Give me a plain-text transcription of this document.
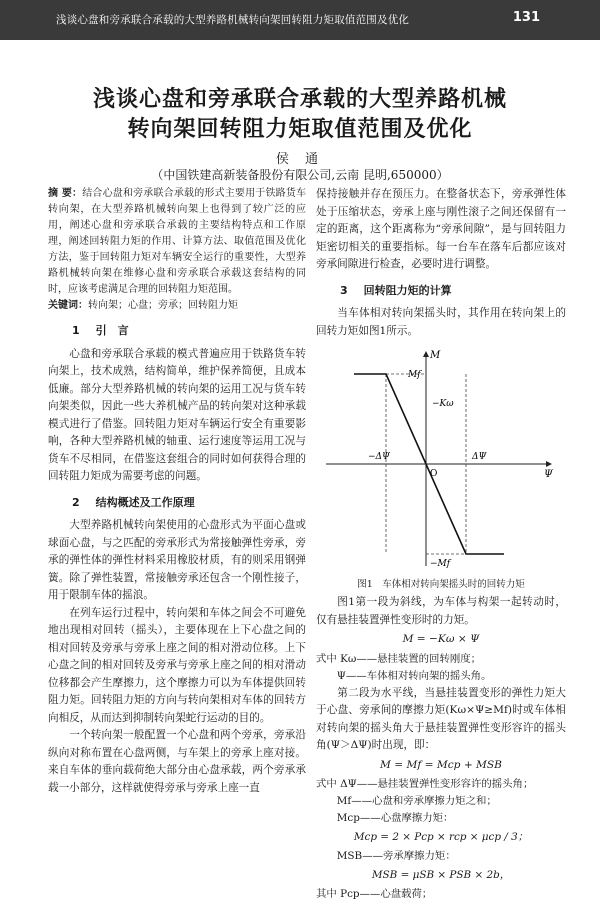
浅谈心盘和旁承联合承载的大型养路机械转向架回转阻力矩取值范围及优化	131
浅谈心盘和旁承联合承载的大型养路机械
转向架回转阻力矩取值范围及优化
侯 通
（中国铁建高新装备股份有限公司,云南 昆明,650000）
摘 要：结合心盘和旁承联合承载的形式主要用于铁路货车转向架，在大型养路机械转向架上也得到了较广泛的应用，阐述心盘和旁承联合承载的主要结构特点和工作原理，阐述回转阻力矩的作用、计算方法、取值范围及优化方法，鉴于回转阻力矩对车辆安全运行的重要性，大型养路机械转向架在维修心盘和旁承联合承载这套结构的同时，应该考虑满足合理的回转阻力矩范围。
关键词：转向架；心盘；旁承；回转阻力矩
1 引　言

心盘和旁承联合承载的模式普遍应用于铁路货车转向架上，技术成熟，结构简单，维护保养简便，且成本低廉。部分大型养路机械的转向架的运用工况与货车转向架类似，因此一些大养机械产品的转向架对这种承载模式进行了借鉴。回转阻力矩对车辆运行安全有重要影响，各种大型养路机械的轴重、运行速度等运用工况与货车不尽相同，在借鉴这套组合的同时如何获得合理的回转阻力矩成为需要考虑的问题。

2 结构概述及工作原理

大型养路机械转向架使用的心盘形式为平面心盘或球面心盘，与之匹配的旁承形式为常接触弹性旁承，旁承的弹性体的弹性材料采用橡胶材质，有的则采用钢弹簧。除了弹性装置，常接触旁承还包含一个刚性接子，用于限制车体的摇浪。

在列车运行过程中，转向架和车体之间会不可避免地出现相对回转（摇头），主要体现在上下心盘之间的相对回转及旁承与旁承上座之间的相对滑动位移。上下心盘之间的相对回转及旁承与旁承上座之间的相对滑动位移都会产生摩擦力，这个摩擦力可以为车体提供回转阻力矩。回转阻力矩的方向与转向架相对车体的回转方向相反，从而达到抑制转向架蛇行运动的目的。

一个转向架一般配置一个心盘和两个旁承，旁承沿纵向对称布置在心盘两侧，与车架上的旁承上座对接。来自车体的垂向载荷绝大部分由心盘承载，两个旁承承载一小部分，这样就使得旁承与旁承上座一直

保持接触并存在预压力。在整备状态下，旁承弹性体处于压缩状态，旁承上座与刚性滚子之间还保留有一定的距离，这个距离称为“旁承间隙”，是与回转阻力矩密切相关的重要指标。每一台车在落车后都应该对旁承间隙进行检查，必要时进行调整。

3 回转阻力矩的计算

当车体相对转向架摇头时，其作用在转向架上的回转力矩如图1所示。

M
Mf
−Kω
ΔΨ
−ΔΨ
Ψ
O
−Mf
图1　车体相对转向架摇头时的回转力矩

图1第一段为斜线，为车体与构架一起转动时，仅有悬挂装置弹性变形时的力矩。

M = −Kω × Ψ
式中 Kω——悬挂装置的回转刚度；
Ψ——车体相对转向架的摇头角。

第二段为水平线，当悬挂装置变形的弹性力矩大于心盘、旁承间的摩擦力矩(Kω×Ψ≥Mf)时或车体相对转向架的摇头角大于悬挂装置弹性变形容许的摇头角(Ψ＞ΔΨ)时出现，即：

M = Mf = Mcp + MSB
式中 ΔΨ——悬挂装置弹性变形容许的摇头角；
Mf——心盘和旁承摩擦力矩之和；
Mcp——心盘摩擦力矩：
Mcp = 2 × Pcp × rcp × μcp / 3；
MSB——旁承摩擦力矩：
MSB = μSB × PSB × 2b，
其中 Pcp——心盘载荷；
